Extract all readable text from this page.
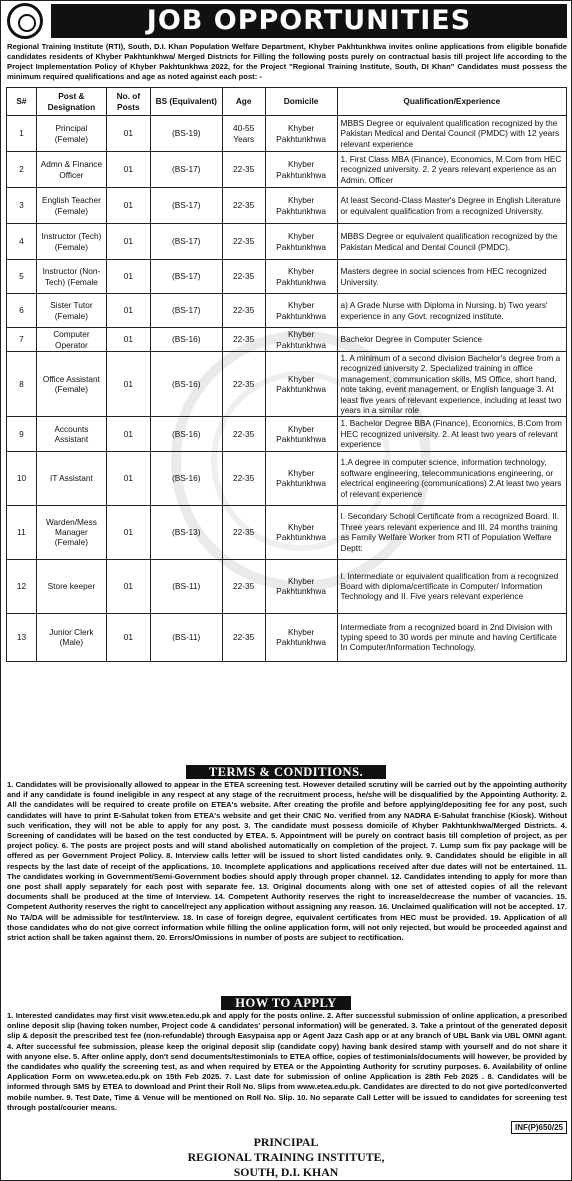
JOB OPPORTUNITIES
Regional Training Institute (RTI), South, D.I. Khan Population Welfare Department, Khyber Pakhtunkhwa invites online applications from eligible bonafide candidates residents of Khyber Pakhtunkhwa/ Merged Districts for Filling the following posts purely on contractual basis till project life according to the Project Implementation Policy of Khyber Pakhtunkhwa 2022, for the Project "Regional Training Institute, South, DI Khan" Candidates must possess the minimum required qualifications and age as noted against each post: -
S#	Post & Designation	No. of Posts	BS (Equivalent)	Age	Domicile	Qualification/Experience
1	Principal (Female)	01	(BS-19)	40-55 Years	Khyber Pakhtunkhwa	MBBS Degree or equivalent qualification recognized by the Pakistan Medical and Dental Council (PMDC) with 12 years relevant experience
2	Admn & Finance Officer	01	(BS-17)	22-35	Khyber Pakhtunkhwa	1. First Class MBA (Finance), Economics, M.Com from HEC recognized university. 2. 2 years relevant experience as an Admin. Officer
3	English Teacher (Female)	01	(BS-17)	22-35	Khyber Pakhtunkhwa	At least Second-Class Master's Degree in English Literature or equivalent qualification from a recognized University.
4	Instructor (Tech) (Female)	01	(BS-17)	22-35	Khyber Pakhtunkhwa	MBBS Degree or equivalent qualification recognized by the Pakistan Medical and Dental Council (PMDC).
5	Instructor (Non-Tech) (Female	01	(BS-17)	22-35	Khyber Pakhtunkhwa	Masters degree in social sciences from HEC recognized University.
6	Sister Tutor (Female)	01	(BS-17)	22-35	Khyber Pakhtunkhwa	a) A Grade Nurse with Diploma in Nursing. b) Two years' experience in any Govt. recognized institute.
7	Computer Operator	01	(BS-16)	22-35	Khyber Pakhtunkhwa	Bachelor Degree in Computer Science
8	Office Assistant (Female)	01	(BS-16)	22-35	Khyber Pakhtunkhwa	1. A minimum of a second division Bachelor's degree from a recognized university 2. Specialized training in office management, communication skills, MS Office, short hand, note taking, event management, or English language 3. At least five years of relevant experience, including at least two years in a similar role
9	Accounts Assistant	01	(BS-16)	22-35	Khyber Pakhtunkhwa	1. Bachelor Degree BBA (Finance), Economics, B.Com from HEC recognized university. 2. At least two years of relevant experience
10	IT Assistant	01	(BS-16)	22-35	Khyber Pakhtunkhwa	1.A degree in computer science, information technology, software engineering, telecommunications engineering, or electrical engineering (communications) 2.At least two years of relevant experience
11	Warden/Mess Manager (Female)	01	(BS-13)	22-35	Khyber Pakhtunkhwa	I. Secondary School Certificate from a recognized Board. II. Three years relevant experience and III. 24 months training as Family Welfare Worker from RTI of Population Welfare Deptt:
12	Store keeper	01	(BS-11)	22-35	Khyber Pakhtunkhwa	I. Intermediate or equivalent qualification from a recognized Board with diploma/certificate in Computer/ Information Technology and II. Five years relevant experience
13	Junior Clerk (Male)	01	(BS-11)	22-35	Khyber Pakhtunkhwa	Intermediate from a recognized board in 2nd Division with typing speed to 30 words per minute and having Certificate In Computer/Information Technology.
TERMS & CONDITIONS.
1. Candidates will be provisionally allowed to appear in the ETEA screening test. However detailed scrutiny will be carried out by the appointing authority and if any candidate is found ineligible in any respect at any stage of the recruitment process, he/she will be disqualified by the Appointing Authority. 2. All the candidates will be required to create profile on ETEA's website. After creating the profile and before applying/depositing fee for any post, such candidates will have to print E-Sahulat token from ETEA's website and get their CNIC No. verified from any NADRA E-Sahulat franchise (Kiosk). Without such verification, they will not be able to apply for any post. 3. The candidate must possess domicile of Khyber Pakhtunkhwa/Merged Districts. 4. Screening of candidates will be based on the test conducted by ETEA. 5. Appointment will be purely on contract basis till completion of project, as per project policy. 6. The posts are project posts and will stand abolished automatically on completion of the project. 7. Lump sum fix pay package will be offered as per Government Project Policy. 8. Interview calls letter will be issued to short listed candidates only. 9. Candidates should be eligible in all respects by the last date of receipt of the applications. 10. Incomplete applications and applications received after due dates will not be entertained. 11. The candidates working in Government/Semi-Government bodies should apply through proper channel. 12. Candidates intending to apply for more than one post shall apply separately for each post with separate fee. 13. Original documents along with one set of attested copies of all the relevant documents shall be produced at the time of Interview. 14. Competent Authority reserves the right to increase/decrease the number of vacancies. 15. Competent Authority reserves the right to cancel/reject any application without assigning any reason. 16. Unclaimed qualification will not be accepted. 17. No TA/DA will be admissible for test/Interview. 18. In case of foreign degree, equivalent certificates from HEC must be provided. 19. Application of all those candidates who do not give correct information while filling the online application form, will not only rejected, but would be proceeded against and strict action shall be taken against them. 20. Errors/Omissions in number of posts are subject to rectification.
HOW TO APPLY
1. Interested candidates may first visit www.etea.edu.pk and apply for the posts online. 2. After successful submission of online application, a prescribed online deposit slip (having token number, Project code & candidates' personal information) will be generated. 3. Take a printout of the generated deposit slip & deposit the prescribed test fee (non-refundable) through Easypaisa app or Agent Jazz Cash app or at any branch of UBL Bank via UBL OMNI agant. 4. After successful fee submission, please keep the original deposit slip (candidate copy) having bank desired stamp with yourself and do not share it with anyone else. 5. After online apply, don't send documents/testimonials to ETEA office, copies of testimonials/documents will however, be provided by the candidates who qualify the screening test, as and when required by ETEA or the Appointing Authority for scrutiny purposes. 6. Availability of online Application Form on www.etea.edu.pk on 15th Feb 2025. 7. Last date for submission of online Application is 28th Feb 2025 . 8. Candidates will be informed through SMS by ETEA to download and Print their Roll No. Slips from www.etea.edu.pk. Candidates are directed to do not give ported/converted mobile number. 9. Test Date, Time & Venue will be mentioned on Roll No. Slip. 10. No separate Call Letter will be issued to candidates for screening test through postal/courier means.
INF(P)650/25
PRINCIPAL
REGIONAL TRAINING INSTITUTE,
SOUTH, D.I. KHAN
